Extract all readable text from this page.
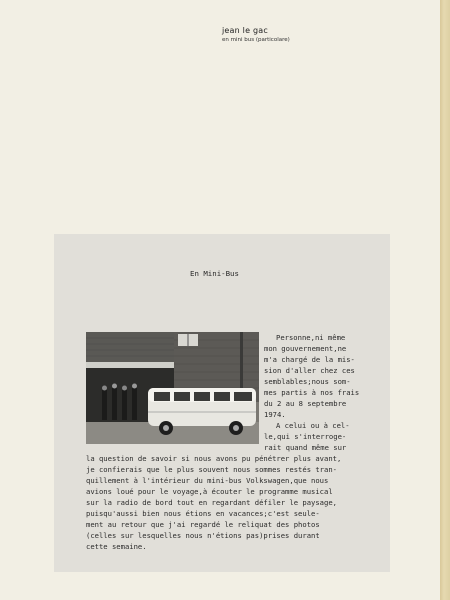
jean le gac
en mini bus (particolare)
En Mini-Bus
Personne,ni même
mon gouvernement,ne
m'a chargé de la mis-
sion d'aller chez ces
semblables;nous som-
mes partis à nos frais
du 2 au 8 septembre
1974.
A celui ou à cel-
le,qui s'interroge-
rait quand même sur
la question de savoir si nous avons pu pénétrer plus avant,
je confierais que le plus souvent nous sommes restés tran-
quillement à l'intérieur du mini-bus Volkswagen,que nous
avions loué pour le voyage,à écouter le programme musical
sur la radio de bord tout en regardant défiler le paysage,
puisqu'aussi bien nous étions en vacances;c'est seule-
ment au retour que j'ai regardé le reliquat des photos
(celles sur lesquelles nous n'étions pas)prises durant
cette semaine.
